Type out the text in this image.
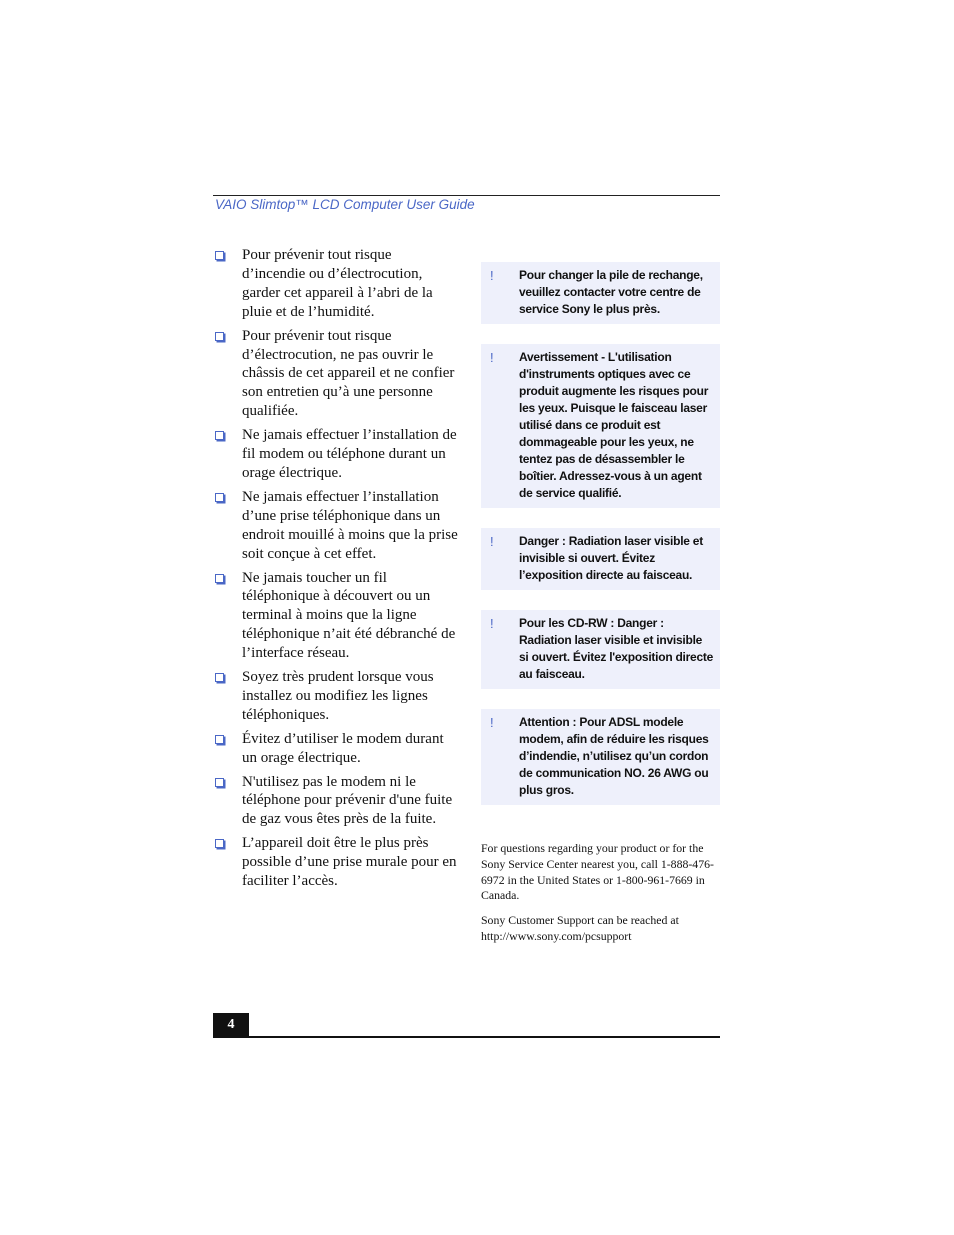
VAIO Slimtop™ LCD Computer User Guide
Pour prévenir tout risque d’incendie ou d’électrocution, garder cet appareil à l’abri de la pluie et de l’humidité.
Pour prévenir tout risque d’électrocution, ne pas ouvrir le châssis de cet appareil et ne confier son entretien qu’à une personne qualifiée.
Ne jamais effectuer l’installation de fil modem ou téléphone durant un orage électrique.
Ne jamais effectuer l’installation d’une prise téléphonique dans un endroit mouillé à moins que la prise soit conçue à cet effet.
Ne jamais toucher un fil téléphonique à découvert ou un terminal à moins que la ligne téléphonique n’ait été débranché de l’interface réseau.
Soyez très prudent lorsque vous installez ou modifiez les lignes téléphoniques.
Évitez d’utiliser le modem durant un orage électrique.
N'utilisez pas le modem ni le téléphone pour prévenir d'une fuite de gaz vous êtes près de la fuite.
L’appareil doit être le plus près possible d’une prise murale pour en faciliter l’accès.
! Pour changer la pile de rechange, veuillez contacter votre centre de service Sony le plus près.
! Avertissement - L'utilisation d'instruments optiques avec ce produit augmente les risques pour les yeux. Puisque le faisceau laser utilisé dans ce produit est dommageable pour les yeux, ne tentez pas de désassembler le boîtier. Adressez-vous à un agent de service qualifié.
! Danger : Radiation laser visible et invisible si ouvert. Évitez l’exposition directe au faisceau.
! Pour les CD-RW : Danger : Radiation laser visible et invisible si ouvert. Évitez l'exposition directe au faisceau.
! Attention : Pour ADSL modele modem, afin de réduire les risques d’indendie, n’utilisez qu’un cordon de communication NO. 26 AWG ou plus gros.

For questions regarding your product or for the Sony Service Center nearest you, call 1-888-476-6972 in the United States or 1-800-961-7669 in Canada.

Sony Customer Support can be reached at http://www.sony.com/pcsupport

4
